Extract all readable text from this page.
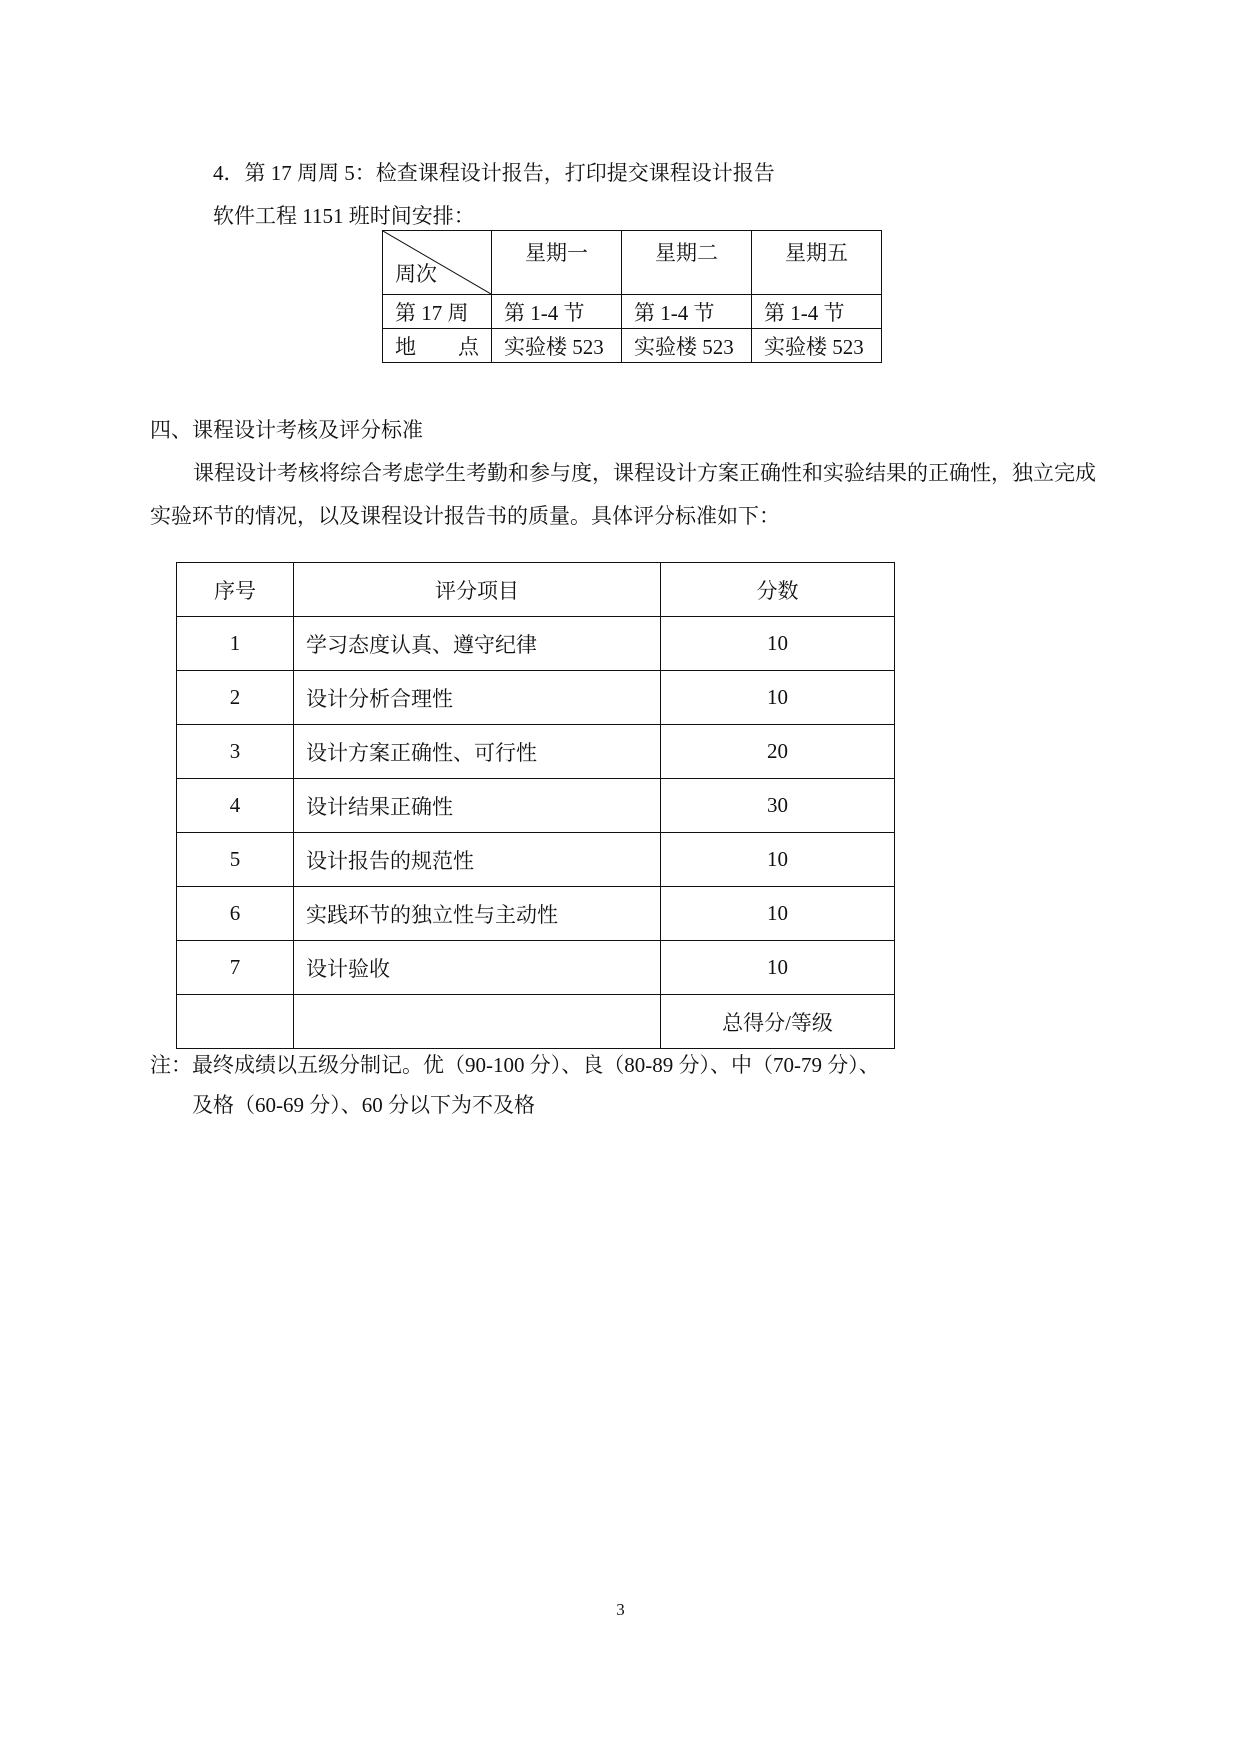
4．第 17 周周 5：检查课程设计报告，打印提交课程设计报告
软件工程 1151 班时间安排：
周次	星期一	星期二	星期五
第 17 周	第 1-4 节	第 1-4 节	第 1-4 节

地 点	实验楼 523	实验楼 523	实验楼 523
四、课程设计考核及评分标准
课程设计考核将综合考虑学生考勤和参与度，课程设计方案正确性和实验结果的正确性，独立完成
实验环节的情况，以及课程设计报告书的质量。具体评分标准如下：
序号	评分项目	分数
1	学习态度认真、遵守纪律	10
2	设计分析合理性	10
3	设计方案正确性、可行性	20
4	设计结果正确性	30
5	设计报告的规范性	10
6	实践环节的独立性与主动性	10
7	设计验收	10
		总得分/等级
注：最终成绩以五级分制记。优（90-100 分）、良（80-89 分）、中（70-79 分）、
及格（60-69 分）、60 分以下为不及格
3
